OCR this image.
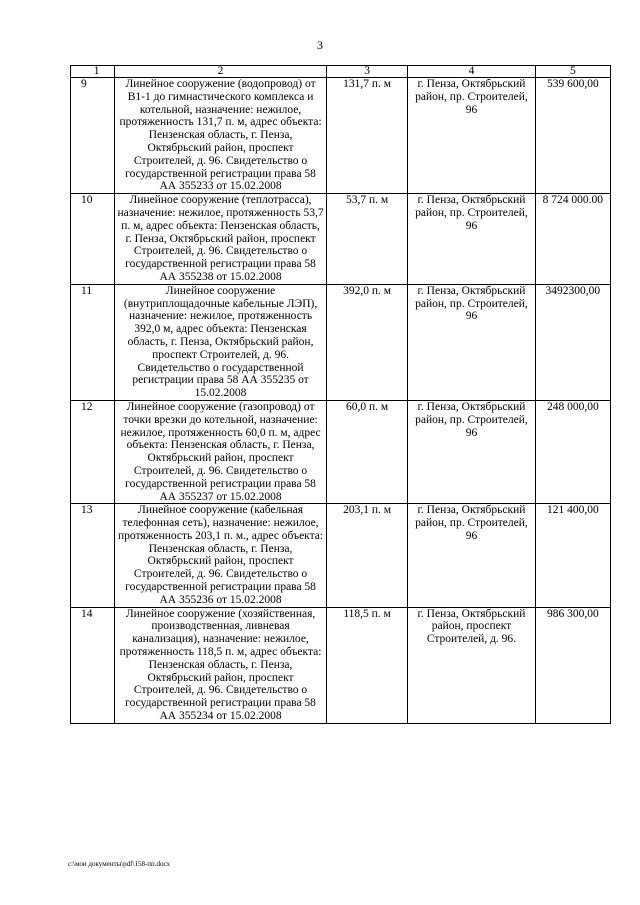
3
1	2	3	4	5
9	Линейное сооружение (водопровод) от В1-1 до гимнастического комплекса и котельной, назначение: нежилое, протяженность 131,7 п. м, адрес объекта: Пензенская область, г. Пенза, Октябрьский район, проспект Строителей, д. 96. Свидетельство о государственной регистрации права 58 АА 355233 от 15.02.2008	131,7 п. м	г. Пенза, Октябрьский район, пр. Строителей, 96	539 600,00
10	Линейное сооружение (теплотрасса), назначение: нежилое, протяженность 53,7 п. м, адрес объекта: Пензенская область, г. Пенза, Октябрьский район, проспект Строителей, д. 96. Свидетельство о государственной регистрации права 58 АА 355238 от 15.02.2008	53,7 п. м	г. Пенза, Октябрьский район, пр. Строителей, 96	8 724 000.00
11	Линейное сооружение (внутриплощадочные кабельные ЛЭП), назначение: нежилое, протяженность 392,0 м, адрес объекта: Пензенская область, г. Пенза, Октябрьский район, проспект Строителей, д. 96. Свидетельство о государственной регистрации права 58 АА 355235 от 15.02.2008	392,0 п. м	г. Пенза, Октябрьский район, пр. Строителей, 96	3492300,00
12	Линейное сооружение (газопровод) от точки врезки до котельной, назначение: нежилое, протяженность 60,0 п. м, адрес объекта: Пензенская область, г. Пенза, Октябрьский район, проспект Строителей, д. 96. Свидетельство о государственной регистрации права 58 АА 355237 от 15.02.2008	60,0 п. м	г. Пенза, Октябрьский район, пр. Строителей, 96	248 000,00
13	Линейное сооружение (кабельная телефонная сеть), назначение: нежилое, протяженность 203,1 п. м., адрес объекта: Пензенская область, г. Пенза, Октябрьский район, проспект Строителей, д. 96. Свидетельство о государственной регистрации права 58 АА 355236 от 15.02.2008	203,1 п. м	г. Пенза, Октябрьский район, пр. Строителей, 96	121 400,00
14	Линейное сооружение (хозяйственная, производственная, ливневая канализация), назначение: нежилое, протяженность 118,5 п. м, адрес объекта: Пензенская область, г. Пенза, Октябрьский район, проспект Строителей, д. 96. Свидетельство о государственной регистрации права 58 АА 355234 от 15.02.2008	118,5 п. м	г. Пенза, Октябрьский район, проспект Строителей, д. 96.	986 300,00
c:\мои документы\pdf\158-пп.docx
